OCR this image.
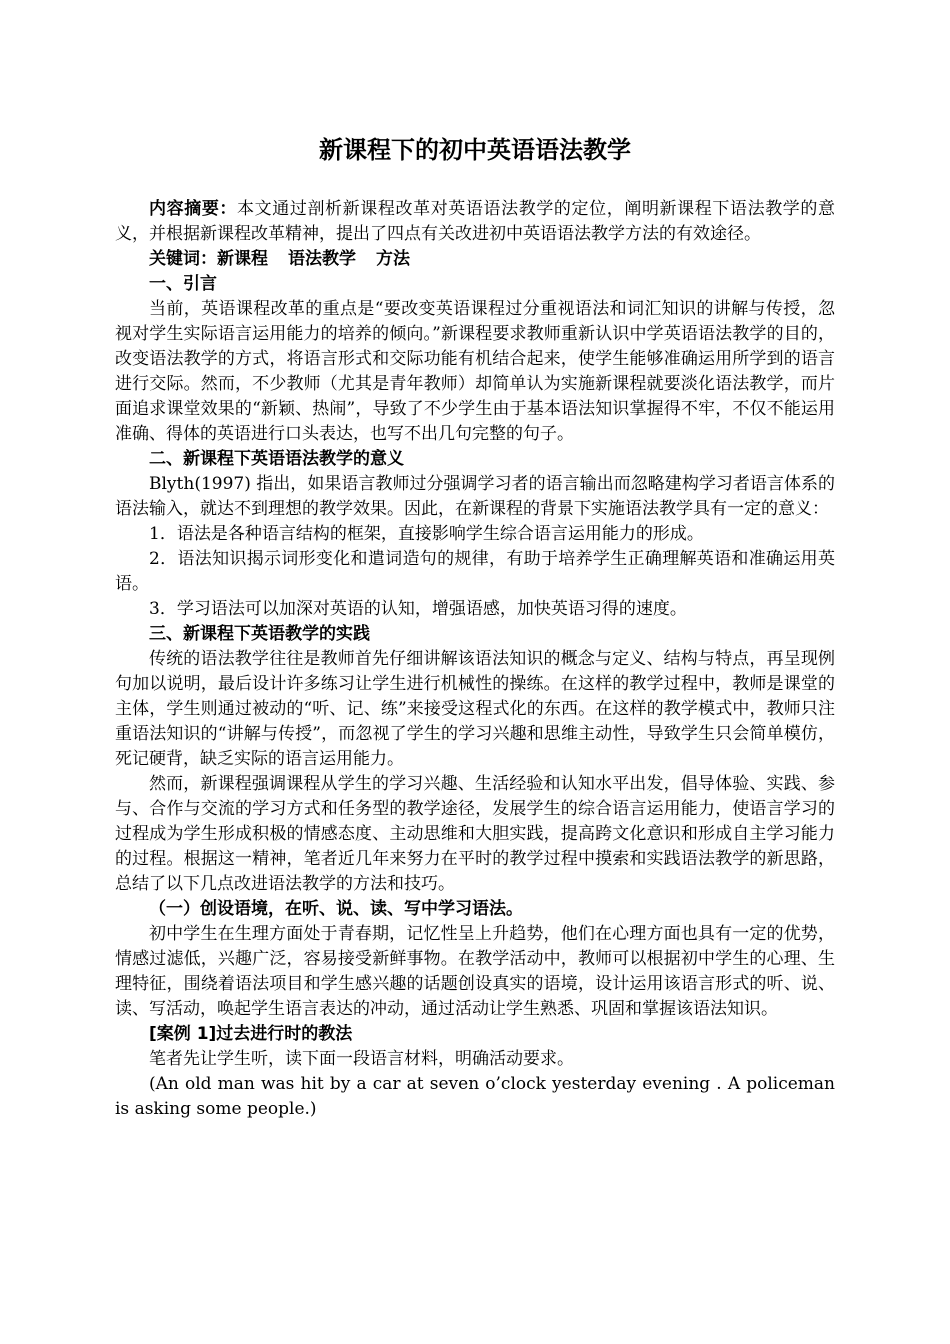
新课程下的初中英语语法教学

内容摘要：本文通过剖析新课程改革对英语语法教学的定位，阐明新课程下语法教学的意义，并根据新课程改革精神，提出了四点有关改进初中英语语法教学方法的有效途径。

关键词：新课程 语法教学 方法

一、引言

当前，英语课程改革的重点是“要改变英语课程过分重视语法和词汇知识的讲解与传授，忽视对学生实际语言运用能力的培养的倾向。”新课程要求教师重新认识中学英语语法教学的目的，改变语法教学的方式，将语言形式和交际功能有机结合起来，使学生能够准确运用所学到的语言进行交际。然而，不少教师（尤其是青年教师）却简单认为实施新课程就要淡化语法教学，而片面追求课堂效果的“新颖、热闹”，导致了不少学生由于基本语法知识掌握得不牢，不仅不能运用准确、得体的英语进行口头表达，也写不出几句完整的句子。

二、新课程下英语语法教学的意义

Blyth(1997) 指出，如果语言教师过分强调学习者的语言输出而忽略建构学习者语言体系的语法输入，就达不到理想的教学效果。因此，在新课程的背景下实施语法教学具有一定的意义：

1．语法是各种语言结构的框架，直接影响学生综合语言运用能力的形成。

2．语法知识揭示词形变化和遣词造句的规律，有助于培养学生正确理解英语和准确运用英语。

3．学习语法可以加深对英语的认知，增强语感，加快英语习得的速度。

三、新课程下英语教学的实践

传统的语法教学往往是教师首先仔细讲解该语法知识的概念与定义、结构与特点，再呈现例句加以说明，最后设计许多练习让学生进行机械性的操练。在这样的教学过程中，教师是课堂的主体，学生则通过被动的“听、记、练”来接受这程式化的东西。在这样的教学模式中，教师只注重语法知识的“讲解与传授”，而忽视了学生的学习兴趣和思维主动性，导致学生只会简单模仿，死记硬背，缺乏实际的语言运用能力。

然而，新课程强调课程从学生的学习兴趣、生活经验和认知水平出发，倡导体验、实践、参与、合作与交流的学习方式和任务型的教学途径，发展学生的综合语言运用能力，使语言学习的过程成为学生形成积极的情感态度、主动思维和大胆实践，提高跨文化意识和形成自主学习能力的过程。根据这一精神，笔者近几年来努力在平时的教学过程中摸索和实践语法教学的新思路，总结了以下几点改进语法教学的方法和技巧。

（一）创设语境，在听、说、读、写中学习语法。

初中学生在生理方面处于青春期，记忆性呈上升趋势，他们在心理方面也具有一定的优势，情感过滤低，兴趣广泛，容易接受新鲜事物。在教学活动中，教师可以根据初中学生的心理、生理特征，围绕着语法项目和学生感兴趣的话题创设真实的语境，设计运用该语言形式的听、说、读、写活动，唤起学生语言表达的冲动，通过活动让学生熟悉、巩固和掌握该语法知识。

[案例 1]过去进行时的教法

笔者先让学生听，读下面一段语言材料，明确活动要求。

(An old man was hit by a car at seven o’clock yesterday evening . A policeman is asking some people.)
